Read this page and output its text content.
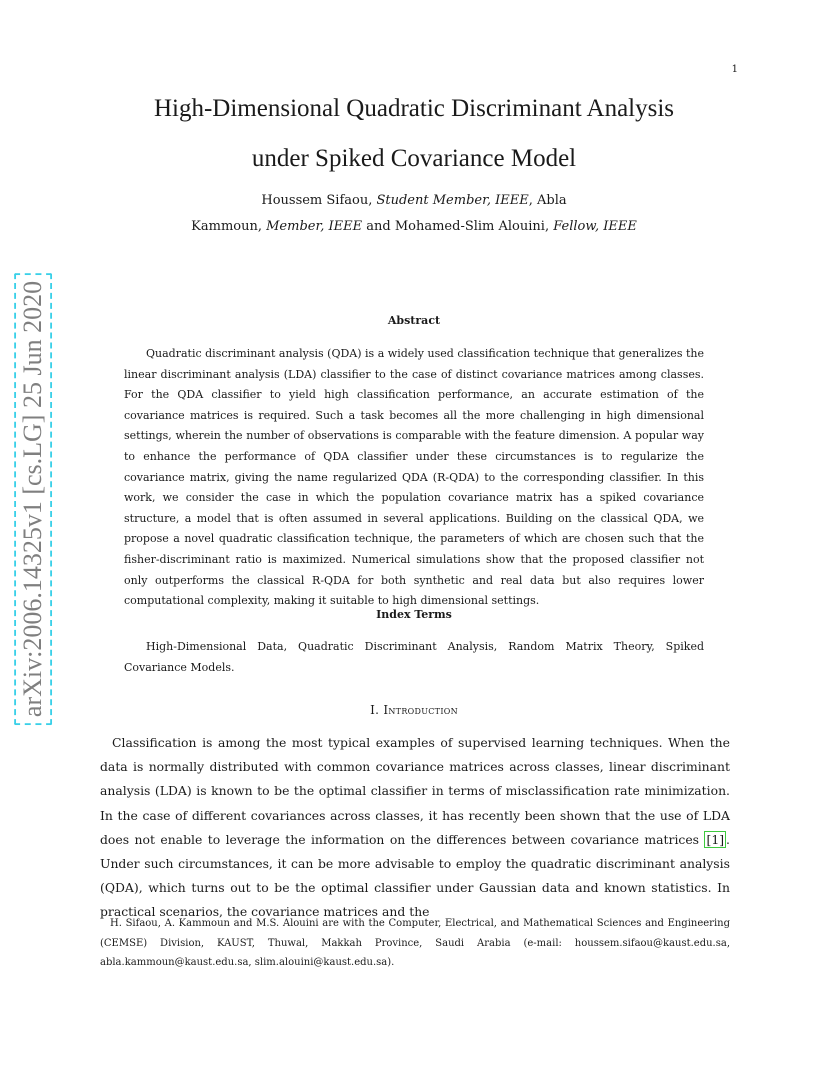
1
arXiv:2006.14325v1 [cs.LG] 25 Jun 2020
High-Dimensional Quadratic Discriminant Analysis
under Spiked Covariance Model
Houssem Sifaou, Student Member, IEEE, Abla
Kammoun, Member, IEEE and Mohamed-Slim Alouini, Fellow, IEEE
Abstract

Quadratic discriminant analysis (QDA) is a widely used classification technique that generalizes the linear discriminant analysis (LDA) classifier to the case of distinct covariance matrices among classes. For the QDA classifier to yield high classification performance, an accurate estimation of the covariance matrices is required. Such a task becomes all the more challenging in high dimensional settings, wherein the number of observations is comparable with the feature dimension. A popular way to enhance the performance of QDA classifier under these circumstances is to regularize the covariance matrix, giving the name regularized QDA (R-QDA) to the corresponding classifier. In this work, we consider the case in which the population covariance matrix has a spiked covariance structure, a model that is often assumed in several applications. Building on the classical QDA, we propose a novel quadratic classification technique, the parameters of which are chosen such that the fisher-discriminant ratio is maximized. Numerical simulations show that the proposed classifier not only outperforms the classical R-QDA for both synthetic and real data but also requires lower computational complexity, making it suitable to high dimensional settings.

Index Terms

High-Dimensional Data, Quadratic Discriminant Analysis, Random Matrix Theory, Spiked Covariance Models.

I. Introduction

Classification is among the most typical examples of supervised learning techniques. When the data is normally distributed with common covariance matrices across classes, linear discriminant analysis (LDA) is known to be the optimal classifier in terms of misclassification rate minimization. In the case of different covariances across classes, it has recently been shown that the use of LDA does not enable to leverage the information on the differences between covariance matrices [1] . Under such circumstances, it can be more advisable to employ the quadratic discriminant analysis (QDA), which turns out to be the optimal classifier under Gaussian data and known statistics. In practical scenarios, the covariance matrices and the

H. Sifaou, A. Kammoun and M.S. Alouini are with the Computer, Electrical, and Mathematical Sciences and Engineering (CEMSE) Division, KAUST, Thuwal, Makkah Province, Saudi Arabia (e-mail: houssem.sifaou@kaust.edu.sa, abla.kammoun@kaust.edu.sa, slim.alouini@kaust.edu.sa).
